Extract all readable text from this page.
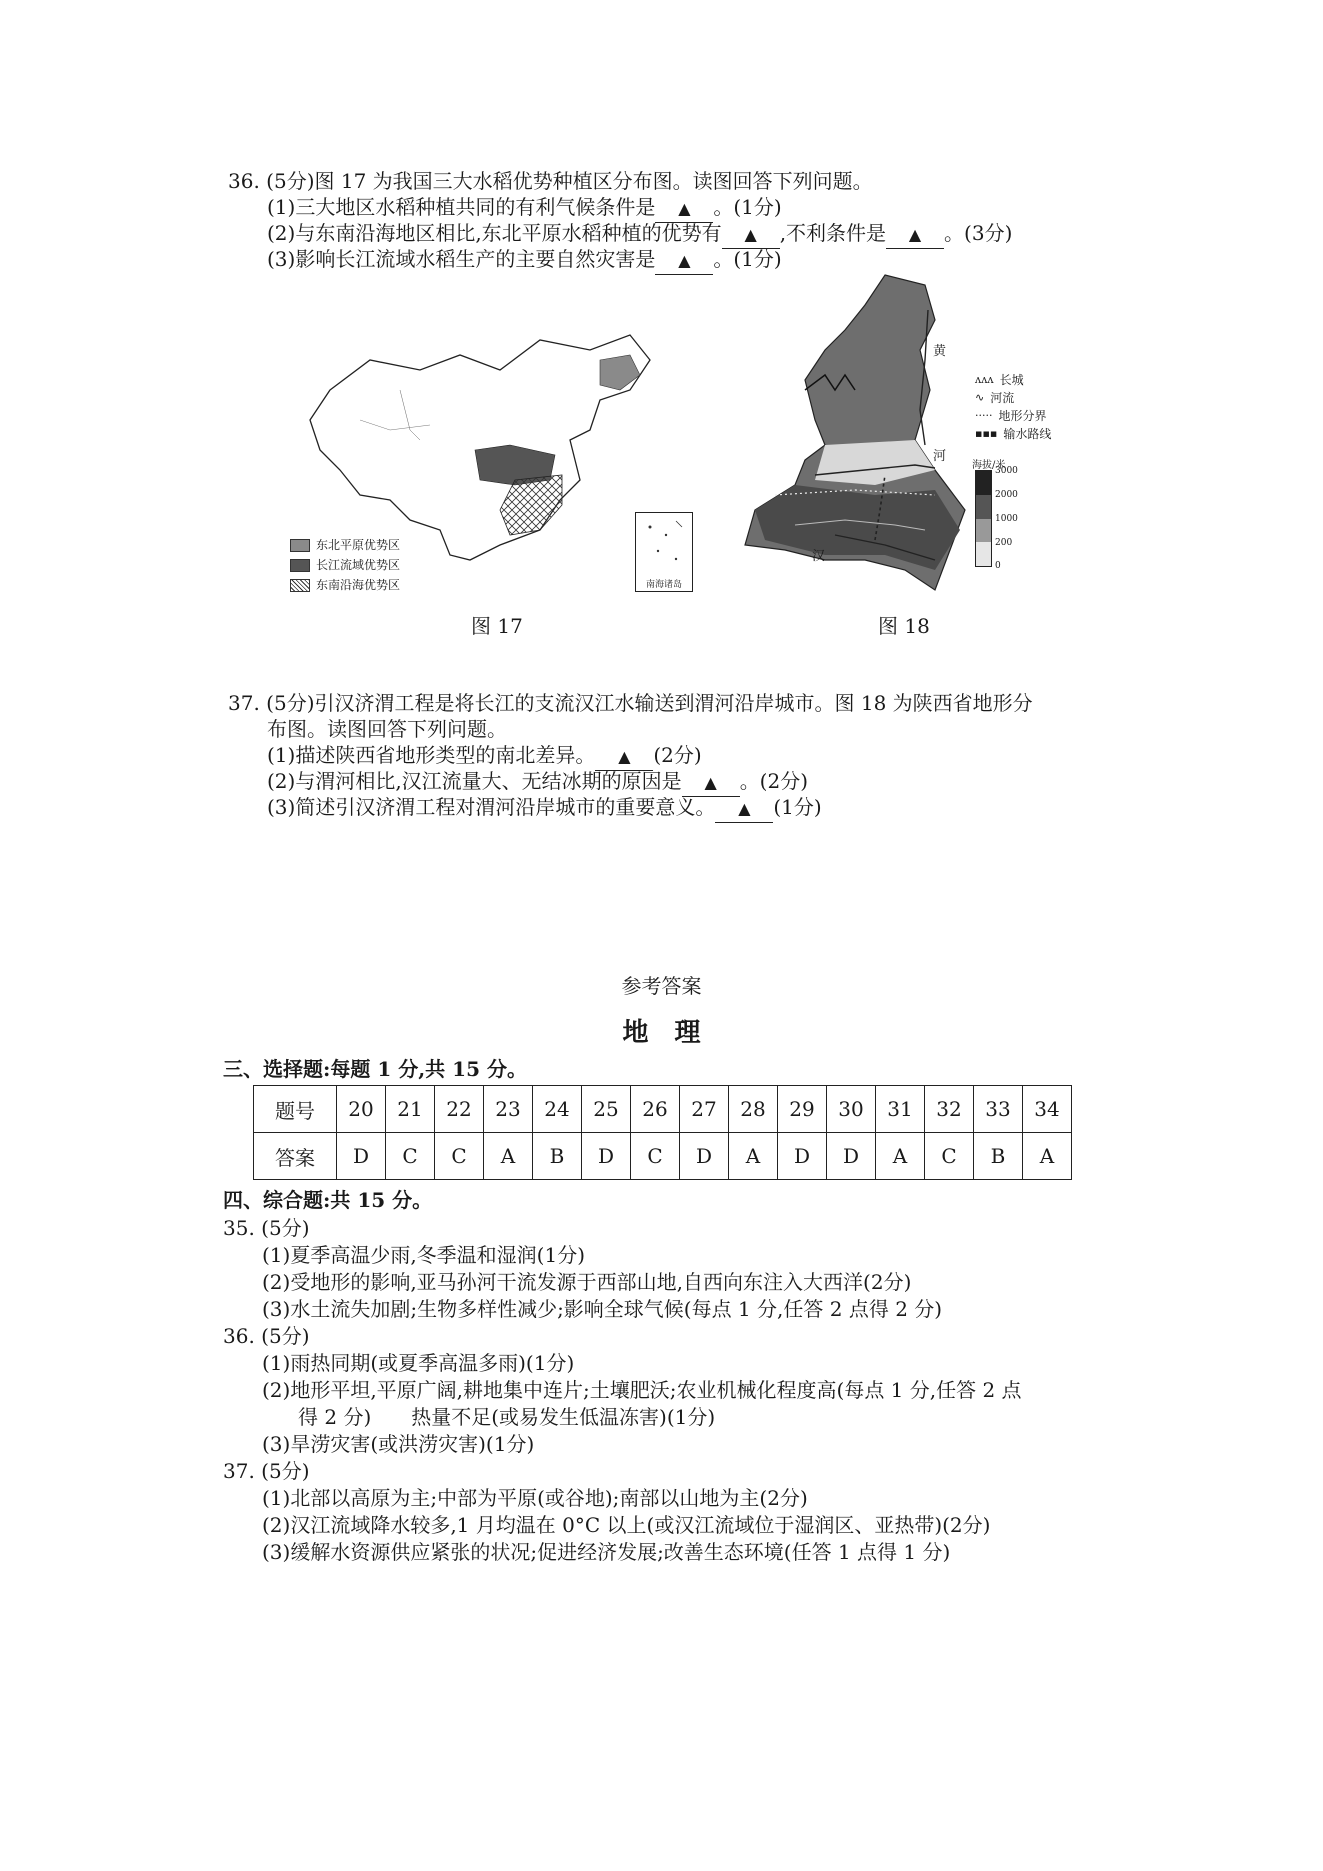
36. (5分)图 17 为我国三大水稻优势种植区分布图。读图回答下列问题。
(1)三大地区水稻种植共同的有利气候条件是 ▲ 。(1分)
(2)与东南沿海地区相比,东北平原水稻种植的优势有 ▲ ,不利条件是 ▲ 。(3分)
(3)影响长江流域水稻生产的主要自然灾害是 ▲ 。(1分)
东北平原优势区
长江流域优势区
东南沿海优势区	南海诸岛
图 17
黄
河
汉
ʌʌʌ 长城
∿ 河流
····· 地形分界
▪▪▪ 输水路线
海拔/米
3000
2000
1000
200
0
图 18
37. (5分)引汉济渭工程是将长江的支流汉江水输送到渭河沿岸城市。图 18 为陕西省地形分
布图。读图回答下列问题。
(1)描述陕西省地形类型的南北差异。 ▲ (2分)
(2)与渭河相比,汉江流量大、无结冰期的原因是 ▲ 。(2分)
(3)简述引汉济渭工程对渭河沿岸城市的重要意义。 ▲ (1分)
参考答案
地　理
三、选择题:每题 1 分,共 15 分。
题号	20	21	22	23	24	25	26	27	28	29	30	31	32	33	34
答案	D	C	C	A	B	D	C	D	A	D	D	A	C	B	A
四、综合题:共 15 分。
35. (5分)
(1)夏季高温少雨,冬季温和湿润(1分)
(2)受地形的影响,亚马孙河干流发源于西部山地,自西向东注入大西洋(2分)
(3)水土流失加剧;生物多样性减少;影响全球气候(每点 1 分,任答 2 点得 2 分)
36. (5分)
(1)雨热同期(或夏季高温多雨)(1分)
(2)地形平坦,平原广阔,耕地集中连片;土壤肥沃;农业机械化程度高(每点 1 分,任答 2 点
得 2 分)　　热量不足(或易发生低温冻害)(1分)
(3)旱涝灾害(或洪涝灾害)(1分)
37. (5分)
(1)北部以高原为主;中部为平原(或谷地);南部以山地为主(2分)
(2)汉江流域降水较多,1 月均温在 0°C 以上(或汉江流域位于湿润区、亚热带)(2分)
(3)缓解水资源供应紧张的状况;促进经济发展;改善生态环境(任答 1 点得 1 分)
